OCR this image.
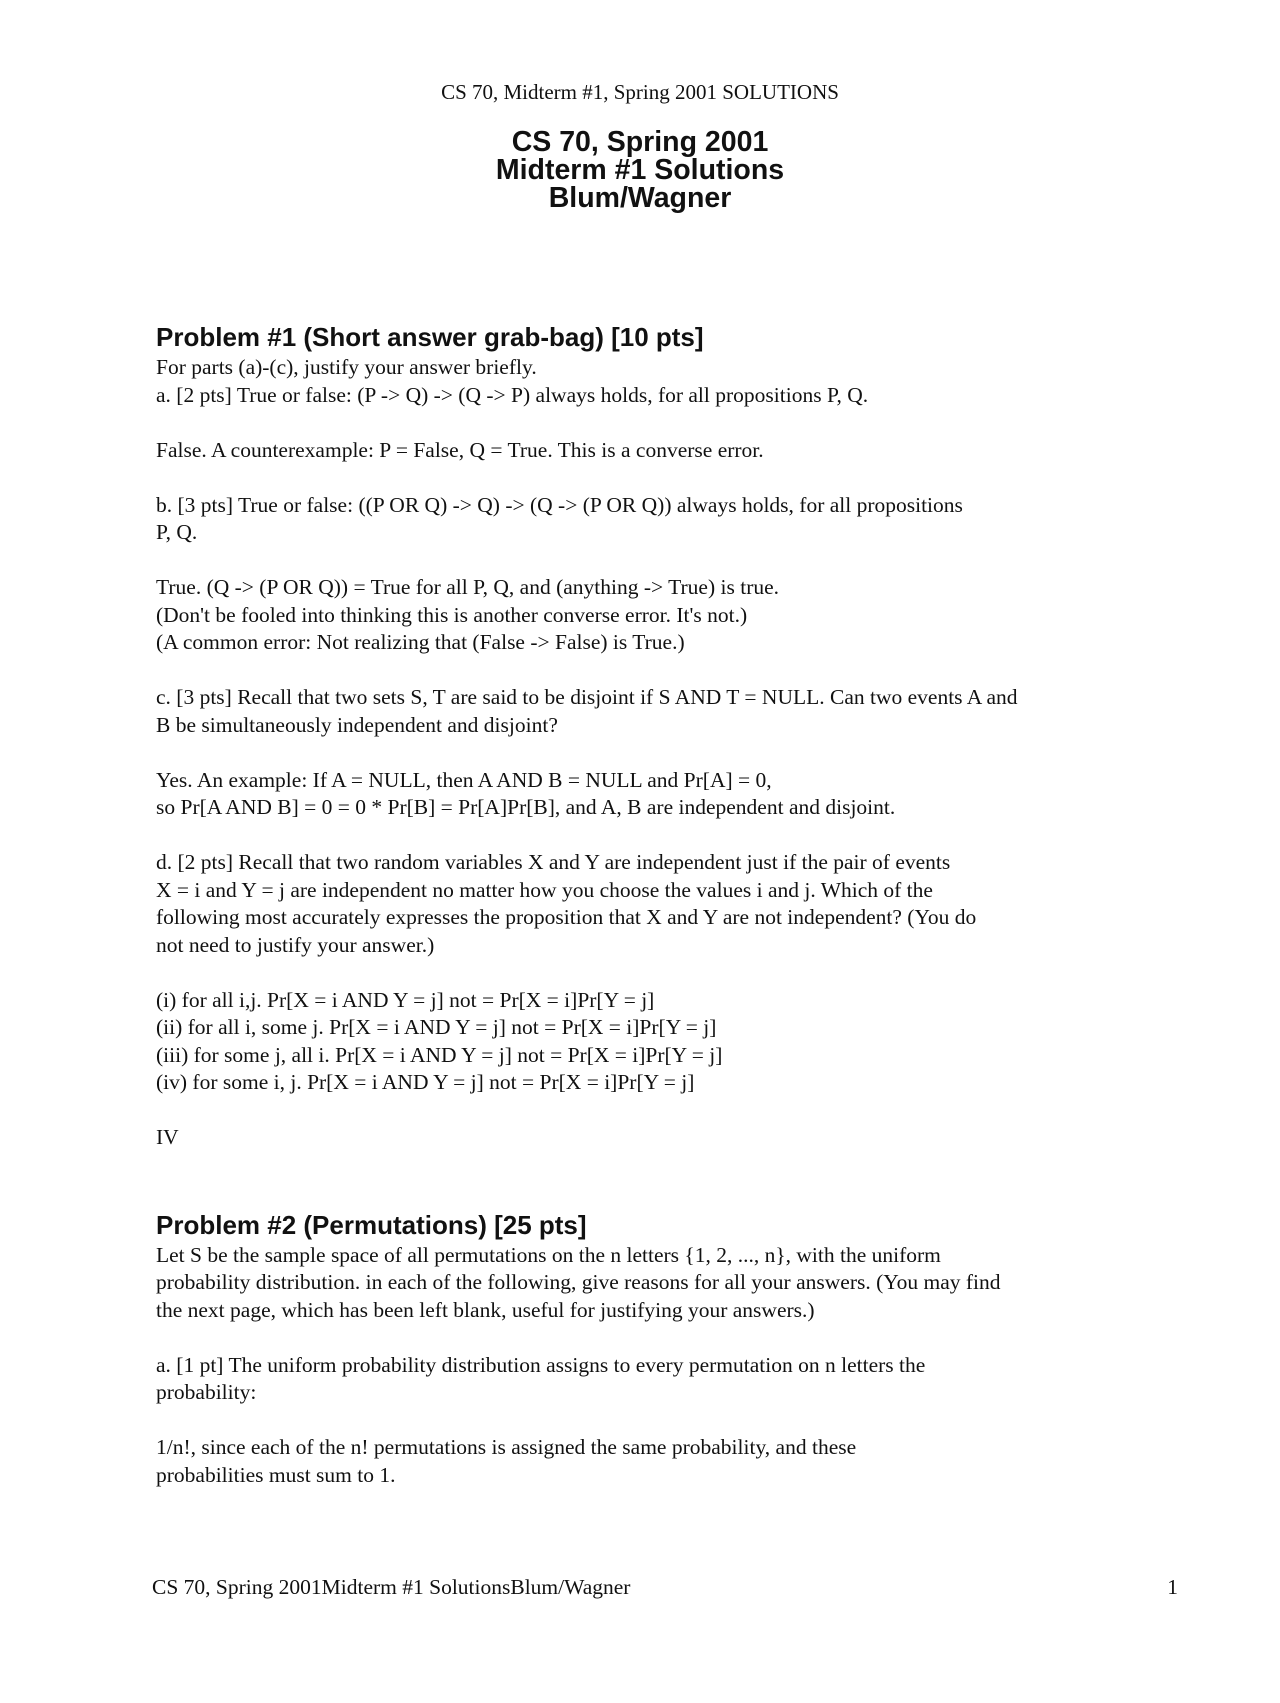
CS 70, Midterm #1, Spring 2001 SOLUTIONS
CS 70, Spring 2001
Midterm #1 Solutions
Blum/Wagner
Problem #1 (Short answer grab-bag) [10 pts]

For parts (a)-(c), justify your answer briefly.

a. [2 pts] True or false: (P -> Q) -> (Q -> P) always holds, for all propositions P, Q.

False. A counterexample: P = False, Q = True. This is a converse error.

b. [3 pts] True or false: ((P OR Q) -> Q) -> (Q -> (P OR Q)) always holds, for all propositions

P, Q.

True. (Q -> (P OR Q)) = True for all P, Q, and (anything -> True) is true.

(Don't be fooled into thinking this is another converse error. It's not.)

(A common error: Not realizing that (False -> False) is True.)

c. [3 pts] Recall that two sets S, T are said to be disjoint if S AND T = NULL. Can two events A and

B be simultaneously independent and disjoint?

Yes. An example: If A = NULL, then A AND B = NULL and Pr[A] = 0,

so Pr[A AND B] = 0 = 0 * Pr[B] = Pr[A]Pr[B], and A, B are independent and disjoint.

d. [2 pts] Recall that two random variables X and Y are independent just if the pair of events

X = i and Y = j are independent no matter how you choose the values i and j. Which of the

following most accurately expresses the proposition that X and Y are not independent? (You do

not need to justify your answer.)

(i) for all i,j. Pr[X = i AND Y = j] not = Pr[X = i]Pr[Y = j]

(ii) for all i, some j. Pr[X = i AND Y = j] not = Pr[X = i]Pr[Y = j]

(iii) for some j, all i. Pr[X = i AND Y = j] not = Pr[X = i]Pr[Y = j]

(iv) for some i, j. Pr[X = i AND Y = j] not = Pr[X = i]Pr[Y = j]

IV

Problem #2 (Permutations) [25 pts]

Let S be the sample space of all permutations on the n letters {1, 2, ..., n}, with the uniform

probability distribution. in each of the following, give reasons for all your answers. (You may find

the next page, which has been left blank, useful for justifying your answers.)

a. [1 pt] The uniform probability distribution assigns to every permutation on n letters the

probability:

1/n!, since each of the n! permutations is assigned the same probability, and these

probabilities must sum to 1.

CS 70, Spring 2001Midterm #1 SolutionsBlum/Wagner	1
